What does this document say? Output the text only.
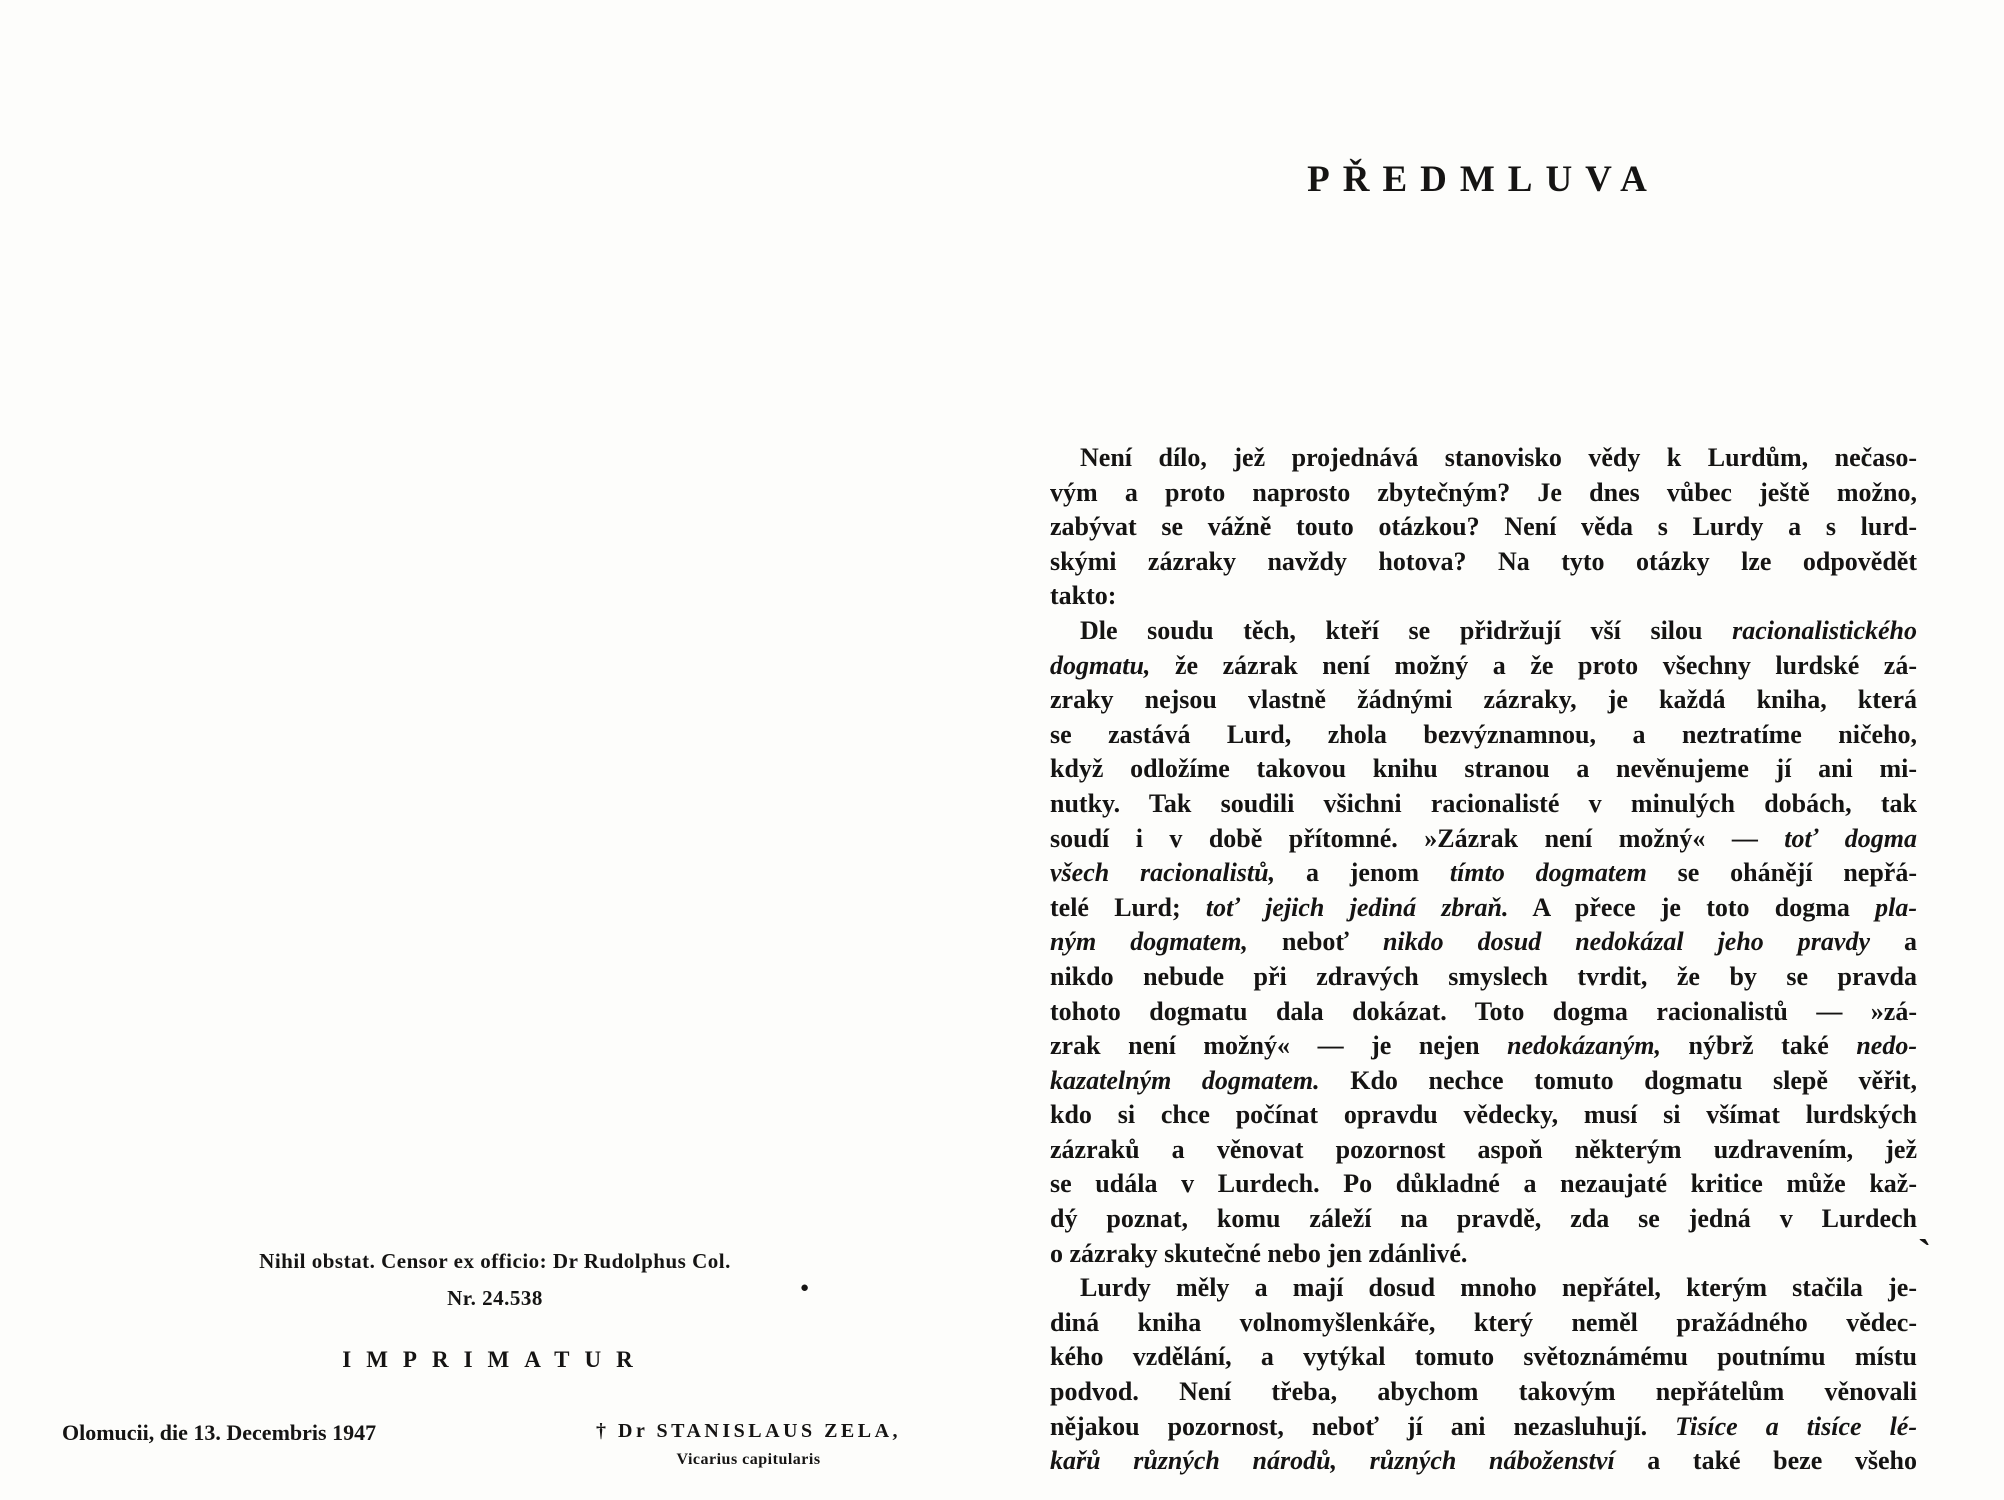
Nihil obstat. Censor ex officio: Dr Rudolphus Col.
Nr. 24.538	●
IMPRIMATUR
Olomucii, die 13. Decembris 1947	† Dr STANISLAUS ZELA,
Vicarius capitularis
PŘEDMLUVA
Není dílo, jež projednává stanovisko vědy k Lurdům, nečaso-
vým a proto naprosto zbytečným? Je dnes vůbec ještě možno,
zabývat se vážně touto otázkou? Není věda s Lurdy a s lurd-
skými zázraky navždy hotova? Na tyto otázky lze odpovědět
takto:
Dle soudu těch, kteří se přidržují vší silou racionalistického
dogmatu, že zázrak není možný a že proto všechny lurdské zá-
zraky nejsou vlastně žádnými zázraky, je každá kniha, která
se zastává Lurd, zhola bezvýznamnou, a neztratíme ničeho,
když odložíme takovou knihu stranou a nevěnujeme jí ani mi-
nutky. Tak soudili všichni racionalisté v minulých dobách, tak
soudí i v době přítomné. »Zázrak není možný« — toť dogma
všech racionalistů, a jenom tímto dogmatem se ohánějí nepřá-
telé Lurd; toť jejich jediná zbraň. A přece je toto dogma pla-
ným dogmatem, neboť nikdo dosud nedokázal jeho pravdy a
nikdo nebude při zdravých smyslech tvrdit, že by se pravda
tohoto dogmatu dala dokázat. Toto dogma racionalistů — »zá-
zrak není možný« — je nejen nedokázaným, nýbrž také nedo-
kazatelným dogmatem. Kdo nechce tomuto dogmatu slepě věřit,
kdo si chce počínat opravdu vědecky, musí si všímat lurdských
zázraků a věnovat pozornost aspoň některým uzdravením, jež
se udála v Lurdech. Po důkladné a nezaujaté kritice může kaž-
dý poznat, komu záleží na pravdě, zda se jedná v Lurdech
o zázraky skutečné nebo jen zdánlivé.
Lurdy měly a mají dosud mnoho nepřátel, kterým stačila je-
diná kniha volnomyšlenkáře, který neměl pražádného vědec-
kého vzdělání, a vytýkal tomuto světoznámému poutnímu místu
podvod. Není třeba, abychom takovým nepřátelům věnovali
nějakou pozornost, neboť jí ani nezasluhují. Tisíce a tisíce lé-
kařů různých národů, různých náboženství a také beze všeho
`
